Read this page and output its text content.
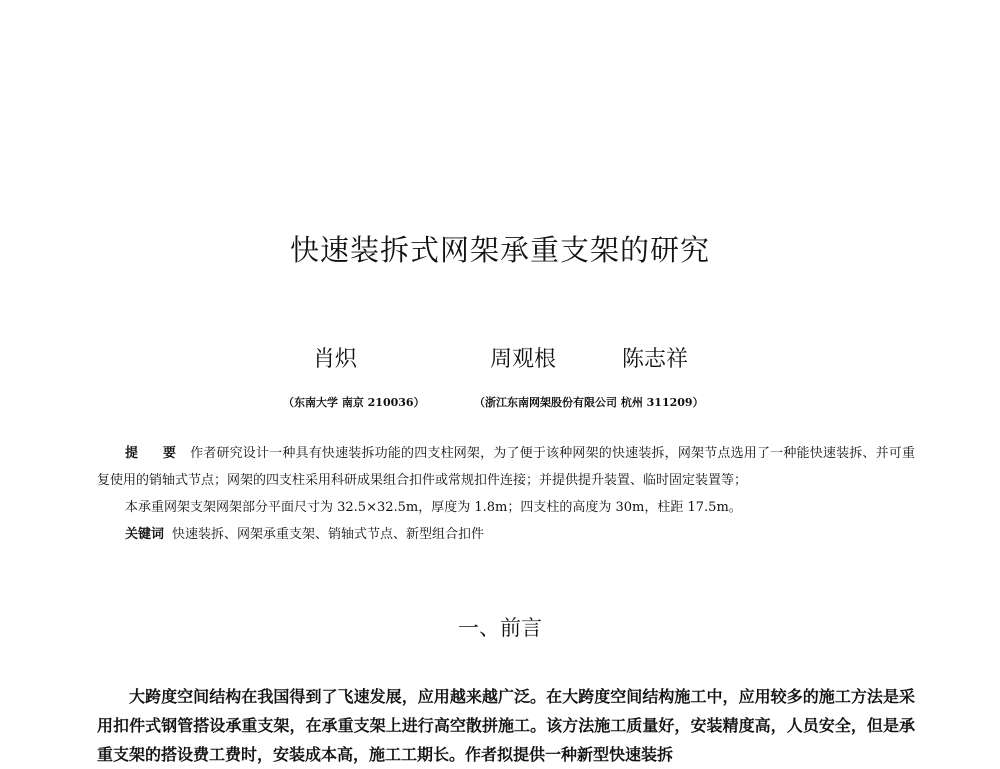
快速装拆式网架承重支架的研究
肖炽	周观根	陈志祥
（东南大学 南京 210036）	（浙江东南网架股份有限公司 杭州 311209）

提 要 作者研究设计一种具有快速装拆功能的四支柱网架，为了便于该种网架的快速装拆，网架节点选用了一种能快速装拆、并可重复使用的销轴式节点；网架的四支柱采用科研成果组合扣件或常规扣件连接；并提供提升装置、临时固定装置等；

本承重网架支架网架部分平面尺寸为 32.5×32.5m，厚度为 1.8m；四支柱的高度为 30m，柱距 17.5m。

关键词 快速装拆、网架承重支架、销轴式节点、新型组合扣件

一、前言

大跨度空间结构在我国得到了飞速发展，应用越来越广泛。在大跨度空间结构施工中，应用较多的施工方法是采用扣件式钢管搭设承重支架，在承重支架上进行高空散拼施工。该方法施工质量好，安装精度高，人员安全，但是承重支架的搭设费工费时，安装成本高，施工工期长。作者拟提供一种新型快速装拆
